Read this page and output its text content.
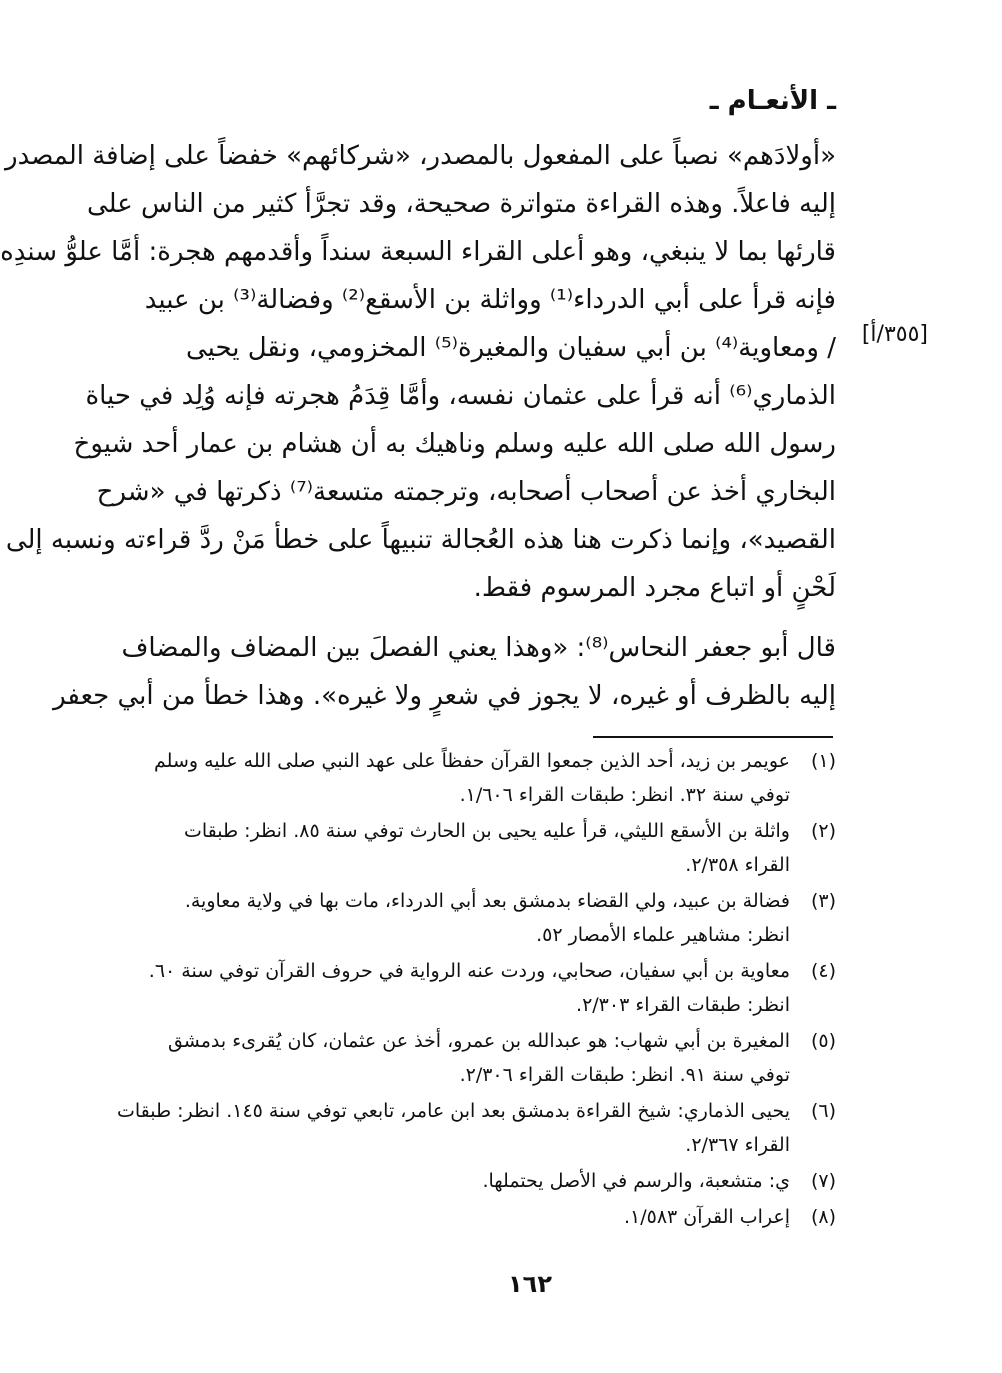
ـ الأنعـام ـ
[٣٥٥/أ]
«أولادَهم» نصباً على المفعول بالمصدر، «شركائهم» خفضاً على إضافة المصدر
إليه فاعلاً. وهذه القراءة متواترة صحيحة، وقد تجرَّأ كثير من الناس على
قارئها بما لا ينبغي، وهو أعلى القراء السبعة سنداً وأقدمهم هجرة: أمَّا علوُّ سندِه
فإنه قرأ على أبي الدرداء⁽¹⁾ وواثلة بن الأسقع⁽²⁾ وفضالة⁽³⁾ بن عبيد
/ ومعاوية⁽⁴⁾ بن أبي سفيان والمغيرة⁽⁵⁾ المخزومي، ونقل يحيى
الذماري⁽⁶⁾ أنه قرأ على عثمان نفسه، وأمَّا قِدَمُ هجرته فإنه وُلِد في حياة
رسول الله صلى الله عليه وسلم وناهيك به أن هشام بن عمار أحد شيوخ
البخاري أخذ عن أصحاب أصحابه، وترجمته متسعة⁽⁷⁾ ذكرتها في «شرح
القصيد»، وإنما ذكرت هنا هذه العُجالة تنبيهاً على خطأ مَنْ ردَّ قراءته ونسبه إلى
لَحْنٍ أو اتباع مجرد المرسوم فقط.
قال أبو جعفر النحاس⁽⁸⁾: «وهذا يعني الفصلَ بين المضاف والمضاف
إليه بالظرف أو غيره، لا يجوز في شعرٍ ولا غيره». وهذا خطأ من أبي جعفر
(١)عويمر بن زيد، أحد الذين جمعوا القرآن حفظاً على عهد النبي صلى الله عليه وسلم
توفي سنة ٣٢. انظر: طبقات القراء ١/٦٠٦.
(٢)واثلة بن الأسقع الليثي، قرأ عليه يحيى بن الحارث توفي سنة ٨٥. انظر: طبقات
القراء ٢/٣٥٨.
(٣)فضالة بن عبيد، ولي القضاء بدمشق بعد أبي الدرداء، مات بها في ولاية معاوية.
انظر: مشاهير علماء الأمصار ٥٢.
(٤)معاوية بن أبي سفيان، صحابي، وردت عنه الرواية في حروف القرآن توفي سنة ٦٠.
انظر: طبقات القراء ٢/٣٠٣.
(٥)المغيرة بن أبي شهاب: هو عبدالله بن عمرو، أخذ عن عثمان، كان يُقرىء بدمشق
توفي سنة ٩١. انظر: طبقات القراء ٢/٣٠٦.
(٦)يحيى الذماري: شيخ القراءة بدمشق بعد ابن عامر، تابعي توفي سنة ١٤٥. انظر: طبقات
القراء ٢/٣٦٧.
(٧)ي: متشعبة، والرسم في الأصل يحتملها.
(٨)إعراب القرآن ١/٥٨٣.
١٦٢
